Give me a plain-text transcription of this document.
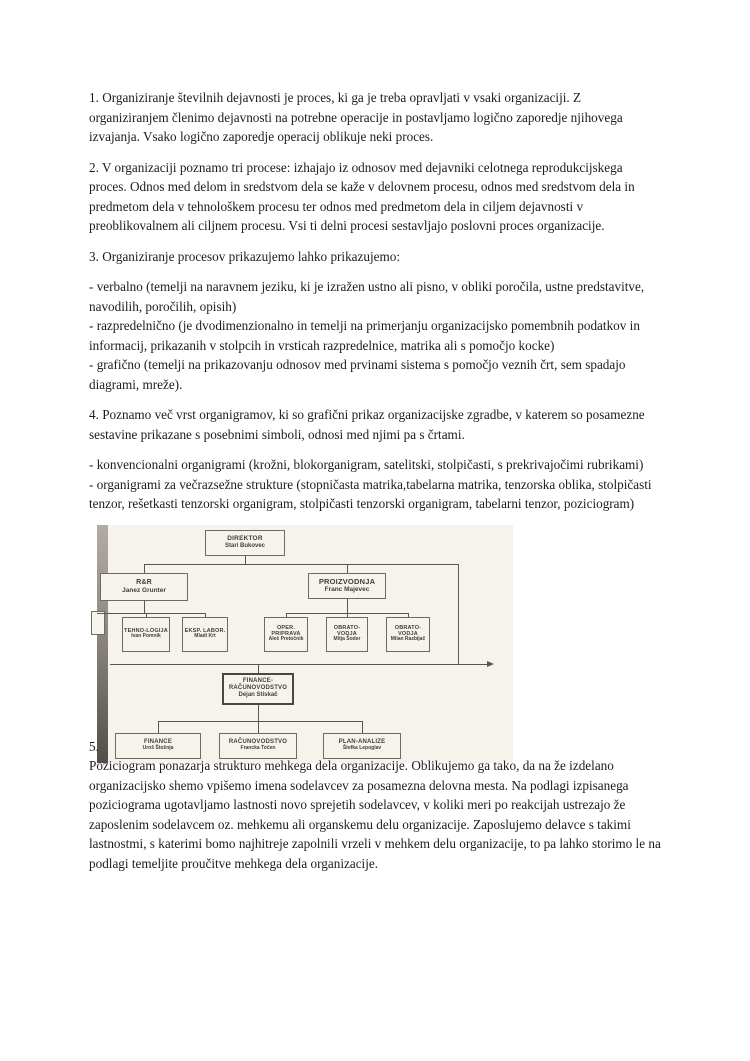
1. Organiziranje številnih dejavnosti je proces, ki ga je treba opravljati v vsaki organizaciji. Z organiziranjem členimo dejavnosti na potrebne operacije in postavljamo logično zaporedje njihovega izvajanja. Vsako logično zaporedje operacij oblikuje neki proces.

2. V organizaciji poznamo tri procese: izhajajo iz odnosov med dejavniki celotnega reprodukcijskega proces. Odnos med delom in sredstvom dela se kaže v delovnem procesu, odnos med sredstvom dela in predmetom dela v tehnološkem procesu ter odnos med predmetom dela in ciljem dejavnosti v preoblikovalnem ali ciljnem procesu. Vsi ti delni procesi sestavljajo poslovni proces organizacije.

3. Organiziranje procesov prikazujemo lahko prikazujemo:

- verbalno (temelji na naravnem jeziku, ki je izražen ustno ali pisno, v obliki poročila, ustne predstavitve, navodilih, poročilih, opisih)
- razpredelnično (je dvodimenzionalno in temelji na primerjanju organizacijsko pomembnih podatkov in informacij, prikazanih v stolpcih in vrsticah razpredelnice, matrika ali s pomočjo kocke)
- grafično (temelji na prikazovanju odnosov med prvinami sistema s pomočjo veznih črt, sem spadajo diagrami, mreže).

4. Poznamo več vrst organigramov, ki so grafični prikaz organizacijske zgradbe, v katerem so posamezne sestavine prikazane s posebnimi simboli, odnosi med njimi pa s črtami.

- konvencionalni organigrami (krožni, blokorganigram, satelitski, stolpičasti, s prekrivajočimi rubrikami)
- organigrami za večrazsežne strukture (stopničasta matrika,tabelarna matrika, tenzorska oblika, stolpičasti tenzor, rešetkasti tenzorski organigram, stolpičasti tenzorski organigram, tabelarni tenzor, poziciogram)

DIREKTOR
Stari Bukovec
R&R
Janez Grunter
PROIZVODNJA
Franc Majevec
TEHNO-LOGIJA
Ivan Pomnik
EKSP. LABOR.
Mladi Krt
OPER. PRIPRAVA
Aleš Pretočnik
OBRATO-VODJA
Mitja Šoder
OBRATO-VODJA
Milan Razbijač
FINANCE-RAČUNOVODSTVO
Dejan Stiskač
FINANCE
Uroš Štošnja
RAČUNOVODSTVO
Francka Točen
PLAN-ANALIZE
Štefka Lepoglav

5.
Poziciogram ponazarja strukturo mehkega dela organizacije. Oblikujemo ga tako, da na že izdelano organizacijsko shemo vpišemo imena sodelavcev za posamezna delovna mesta. Na podlagi izpisanega poziciograma ugotavljamo lastnosti novo sprejetih sodelavcev, v koliki meri po reakcijah ustrezajo že zaposlenim sodelavcem oz. mehkemu ali organskemu delu organizacije. Zaposlujemo delavce s takimi lastnostmi, s katerimi bomo najhitreje zapolnili vrzeli v mehkem delu organizacije, to pa lahko storimo le na podlagi temeljite proučitve mehkega dela organizacije.
